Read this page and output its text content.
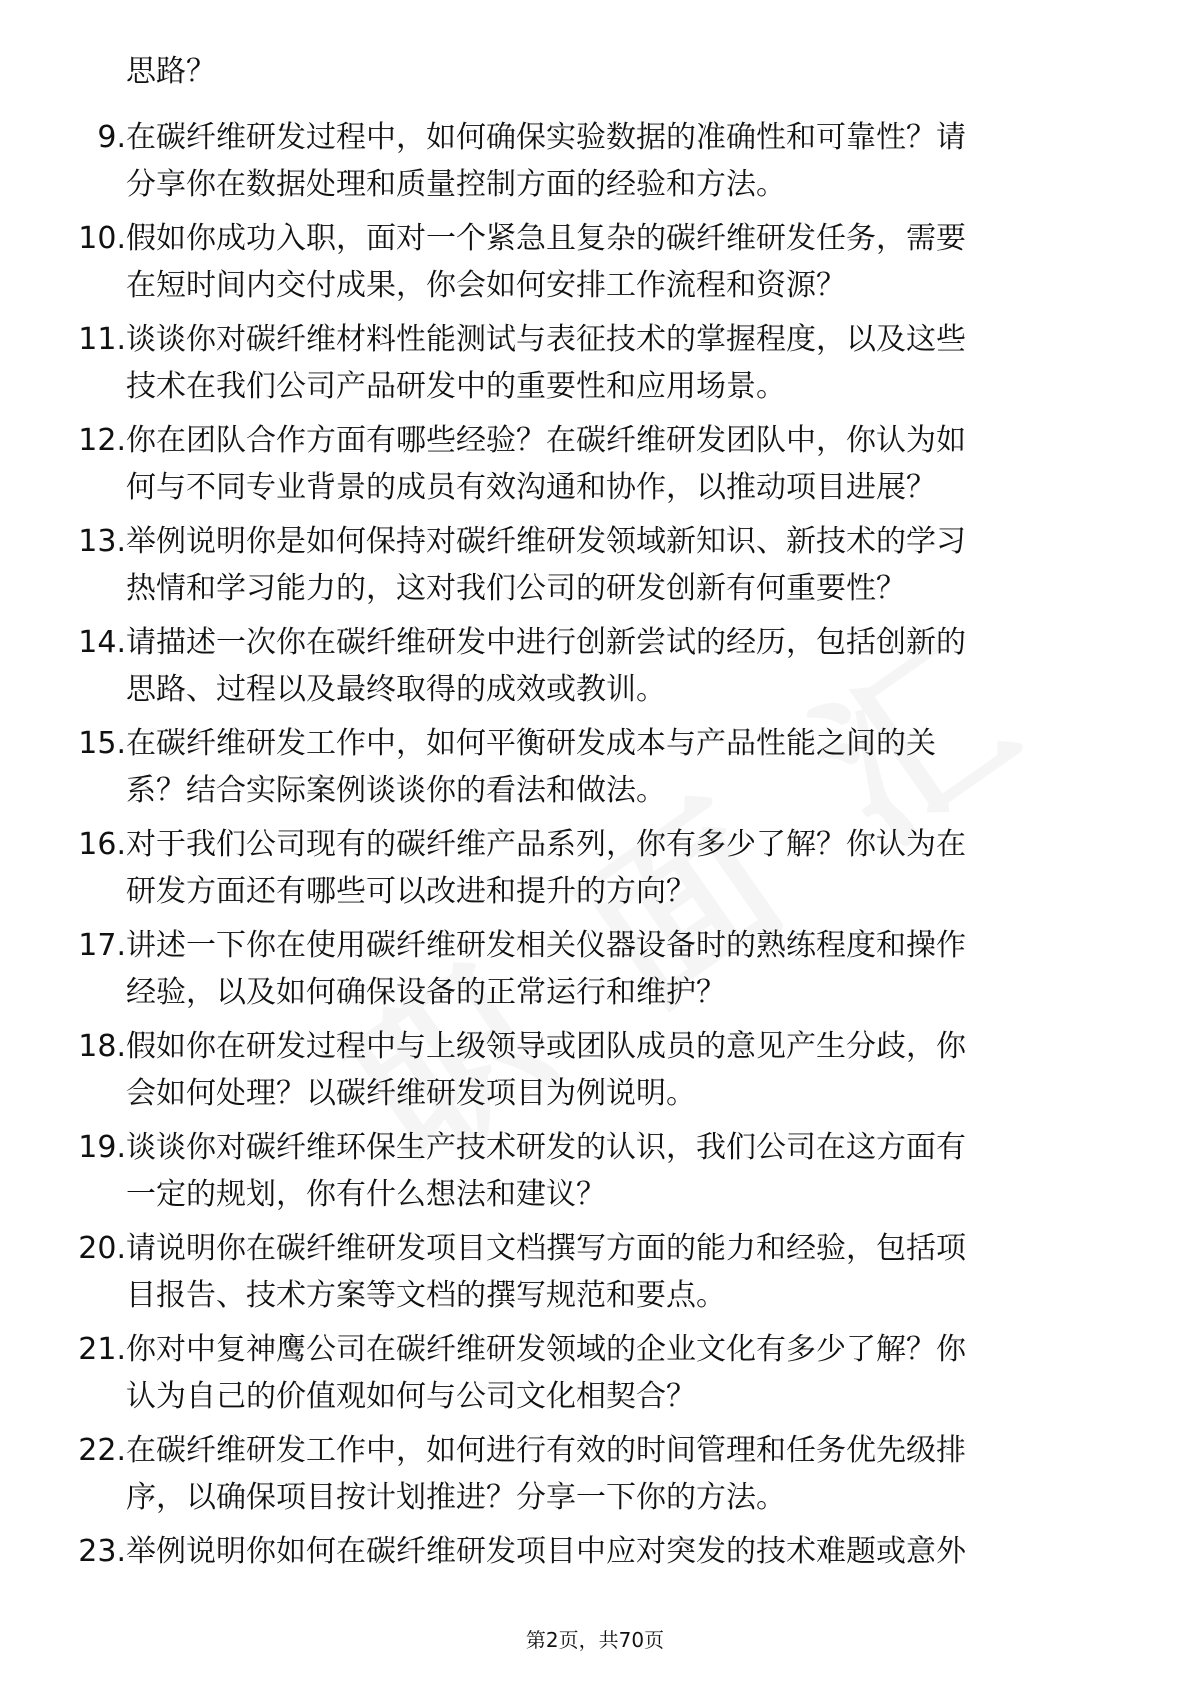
思路？
9. 在碳纤维研发过程中，如何确保实验数据的准确性和可靠性？请
分享你在数据处理和质量控制方面的经验和方法。
10. 假如你成功入职，面对一个紧急且复杂的碳纤维研发任务，需要
在短时间内交付成果，你会如何安排工作流程和资源？
11. 谈谈你对碳纤维材料性能测试与表征技术的掌握程度，以及这些
技术在我们公司产品研发中的重要性和应用场景。
12. 你在团队合作方面有哪些经验？在碳纤维研发团队中，你认为如
何与不同专业背景的成员有效沟通和协作，以推动项目进展？
13. 举例说明你是如何保持对碳纤维研发领域新知识、新技术的学习
热情和学习能力的，这对我们公司的研发创新有何重要性？
14. 请描述一次你在碳纤维研发中进行创新尝试的经历，包括创新的
思路、过程以及最终取得的成效或教训。
15. 在碳纤维研发工作中，如何平衡研发成本与产品性能之间的关
系？结合实际案例谈谈你的看法和做法。
16. 对于我们公司现有的碳纤维产品系列，你有多少了解？你认为在
研发方面还有哪些可以改进和提升的方向？
17. 讲述一下你在使用碳纤维研发相关仪器设备时的熟练程度和操作
经验，以及如何确保设备的正常运行和维护？
18. 假如你在研发过程中与上级领导或团队成员的意见产生分歧，你
会如何处理？以碳纤维研发项目为例说明。
19. 谈谈你对碳纤维环保生产技术研发的认识，我们公司在这方面有
一定的规划，你有什么想法和建议？
20. 请说明你在碳纤维研发项目文档撰写方面的能力和经验，包括项
目报告、技术方案等文档的撰写规范和要点。
21. 你对中复神鹰公司在碳纤维研发领域的企业文化有多少了解？你
认为自己的价值观如何与公司文化相契合？
22. 在碳纤维研发工作中，如何进行有效的时间管理和任务优先级排
序，以确保项目按计划推进？分享一下你的方法。
23. 举例说明你如何在碳纤维研发项目中应对突发的技术难题或意外
第2页，共70页
